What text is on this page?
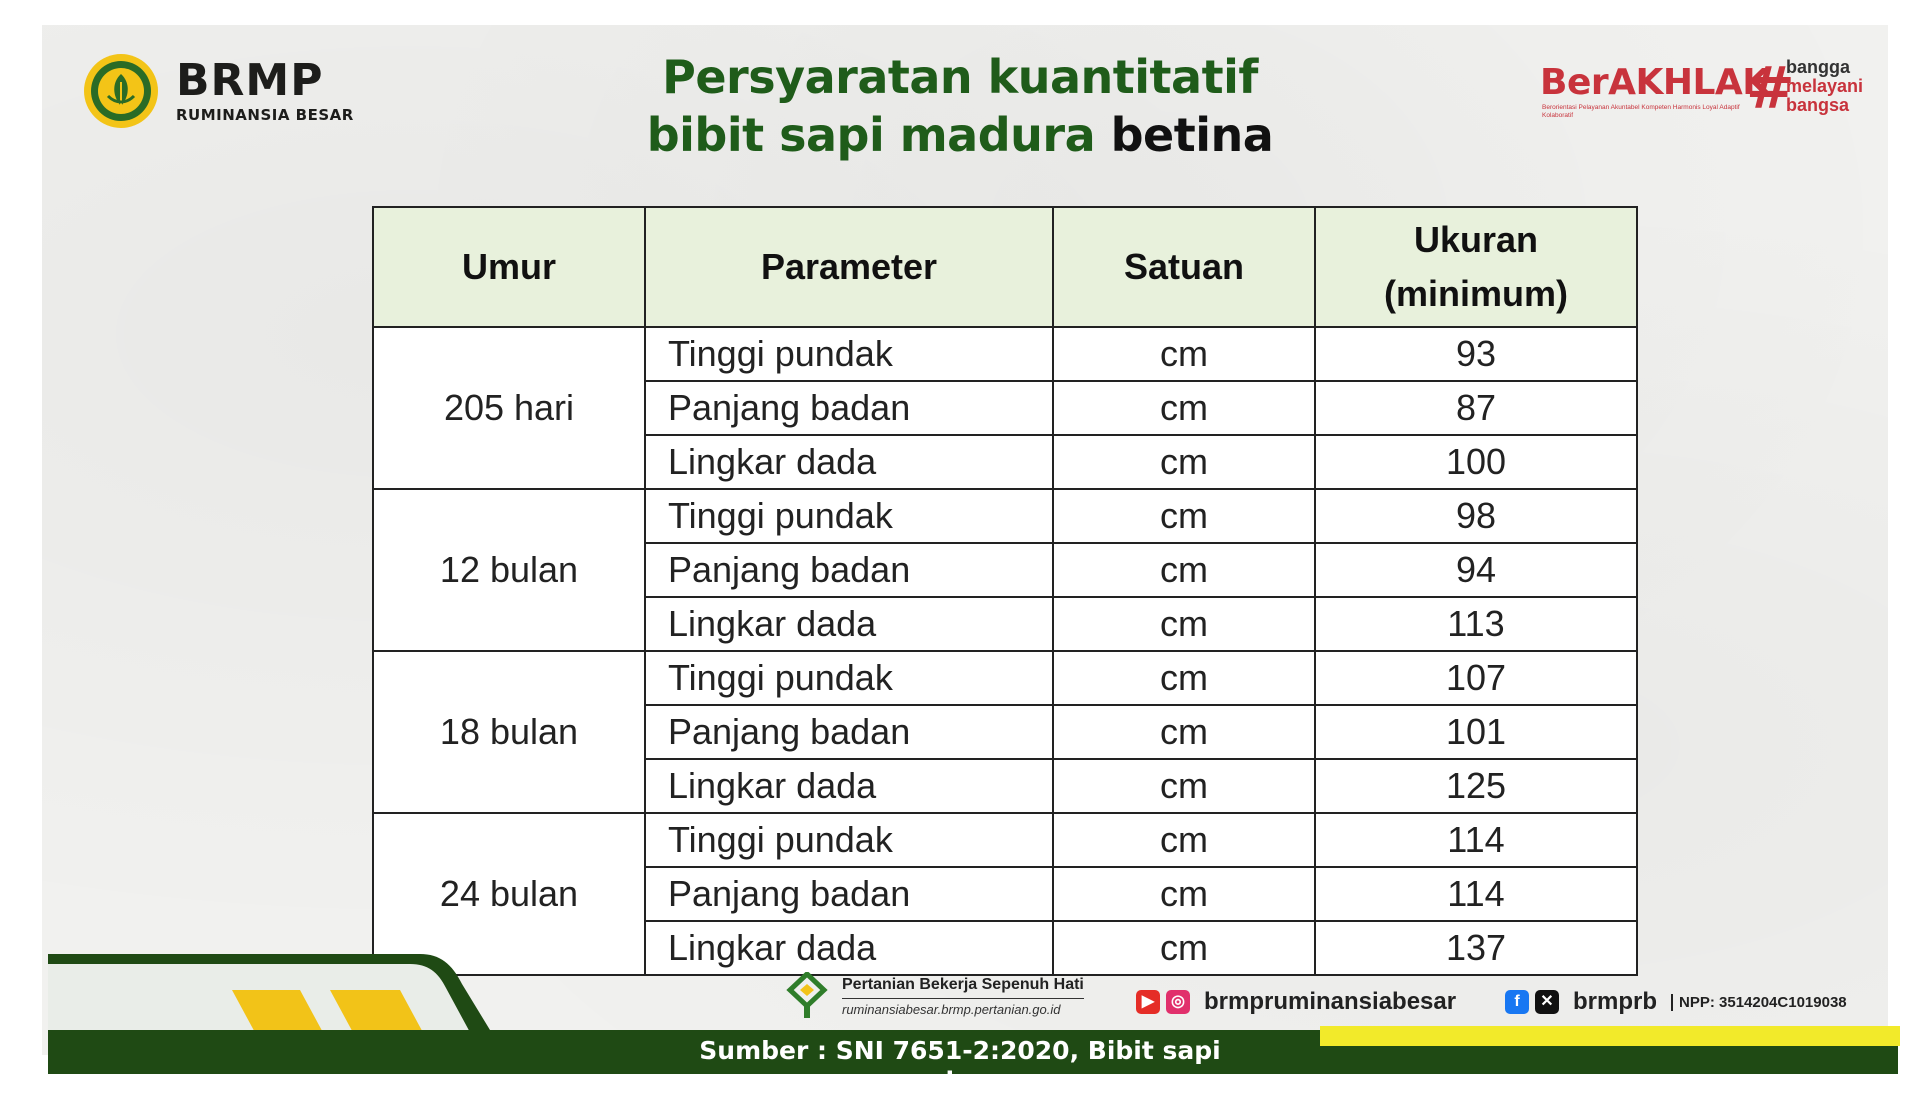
BRMP
RUMINANSIA BESAR
Persyaratan kuantitatif
bibit sapi madura betina
BerAKHLAK
Berorientasi Pelayanan Akuntabel Kompeten Harmonis Loyal Adaptif Kolaboratif	#
bangga
melayani
bangsa
Umur	Parameter	Satuan	Ukuran
(minimum)

205 hari	Tinggi pundak	cm	93
	Panjang badan	cm	87
	Lingkar dada	cm	100
12 bulan	Tinggi pundak	cm	98
	Panjang badan	cm	94
	Lingkar dada	cm	113
18 bulan	Tinggi pundak	cm	107
	Panjang badan	cm	101
	Lingkar dada	cm	125
24 bulan	Tinggi pundak	cm	114
	Panjang badan	cm	114
	Lingkar dada	cm	137
Sumber : SNI 7651-2:2020, Bibit sapi potong
Pertanian Bekerja Sepenuh Hati
ruminansiabesar.brmp.pertanian.go.id	▶	◎ brmpruminansiabesar	f	✕ brmprb	NPP: 3514204C1019038
